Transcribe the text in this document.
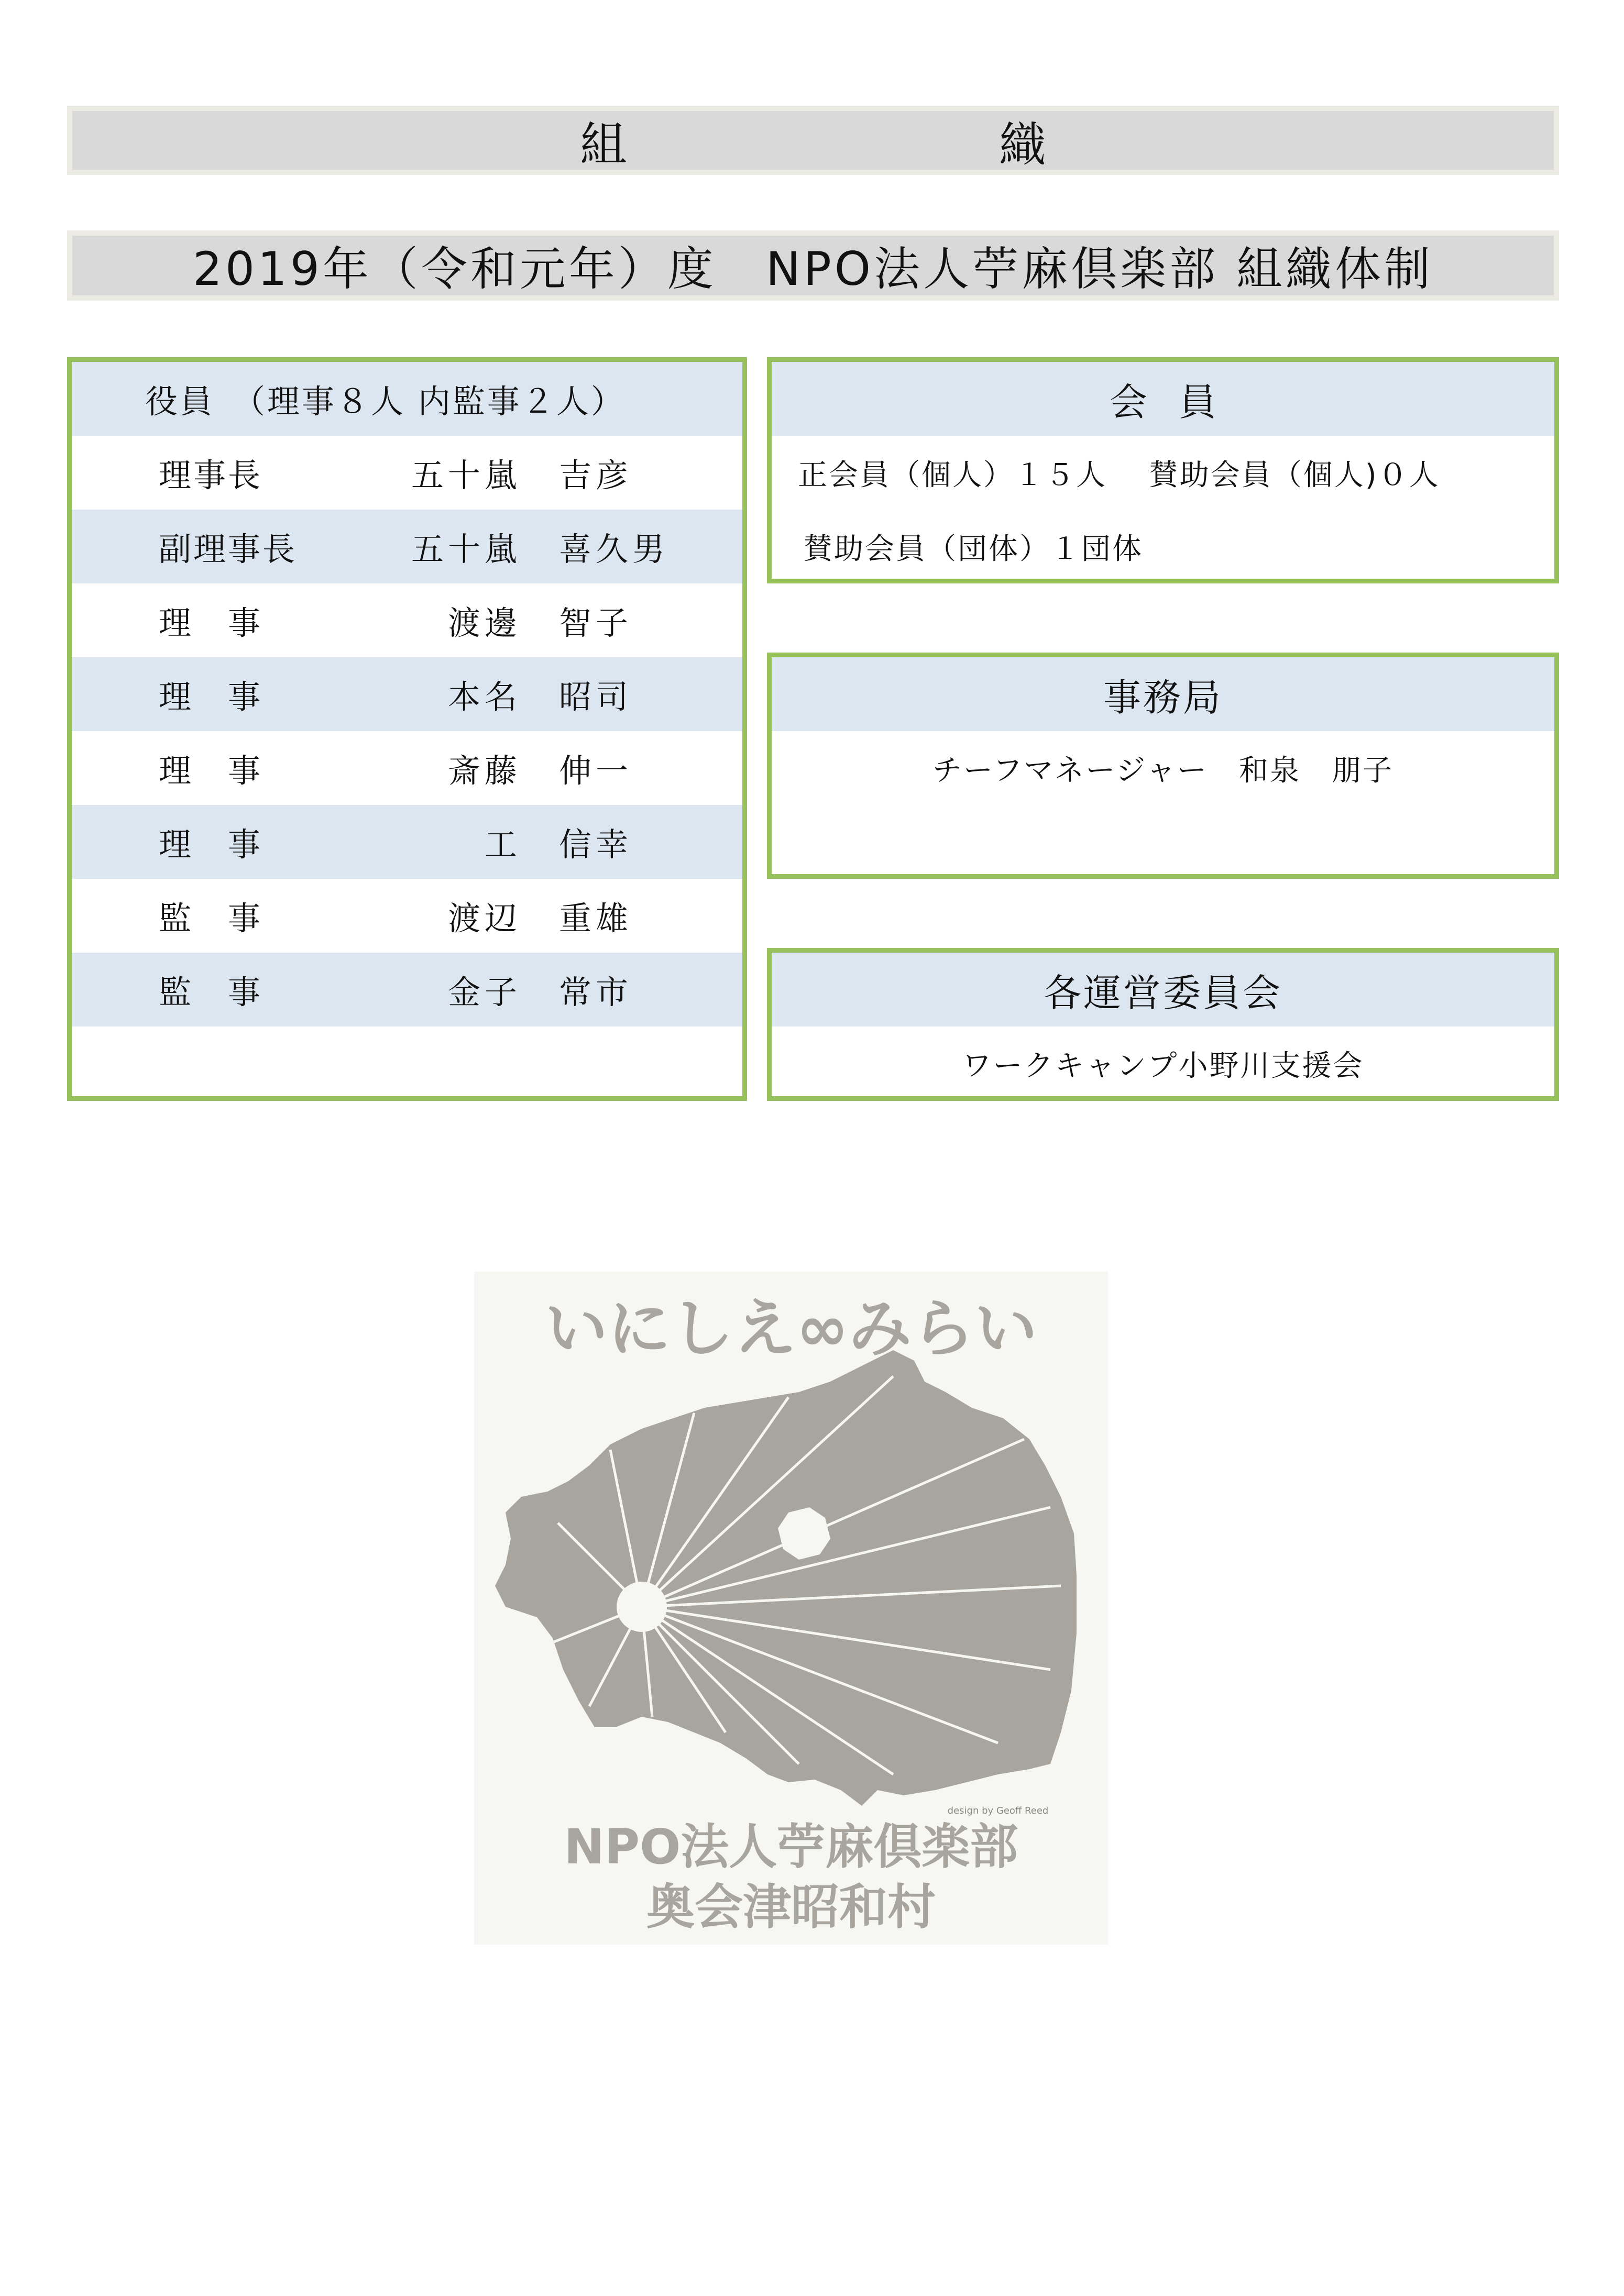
組　織
2019年（令和元年）度　NPO法人苧麻倶楽部 組織体制
役員　（理事８人 内監事２人）
理事長	五十嵐	吉彦
副理事長	五十嵐	喜久男
理　事	渡邊	智子
理　事	本名	昭司
理　事	斎藤	伸一
理　事	工	信幸
監　事	渡辺	重雄
監　事	金子	常市
会員
正会員（個人）１５人　 賛助会員（個人)０人
賛助会員（団体）１団体
事務局
チーフマネージャー　和泉　朋子
各運営委員会
ワークキャンプ小野川支援会
いにしえ∞みらい
design by Geoff Reed
NPO法人苧麻倶楽部
奥会津昭和村
